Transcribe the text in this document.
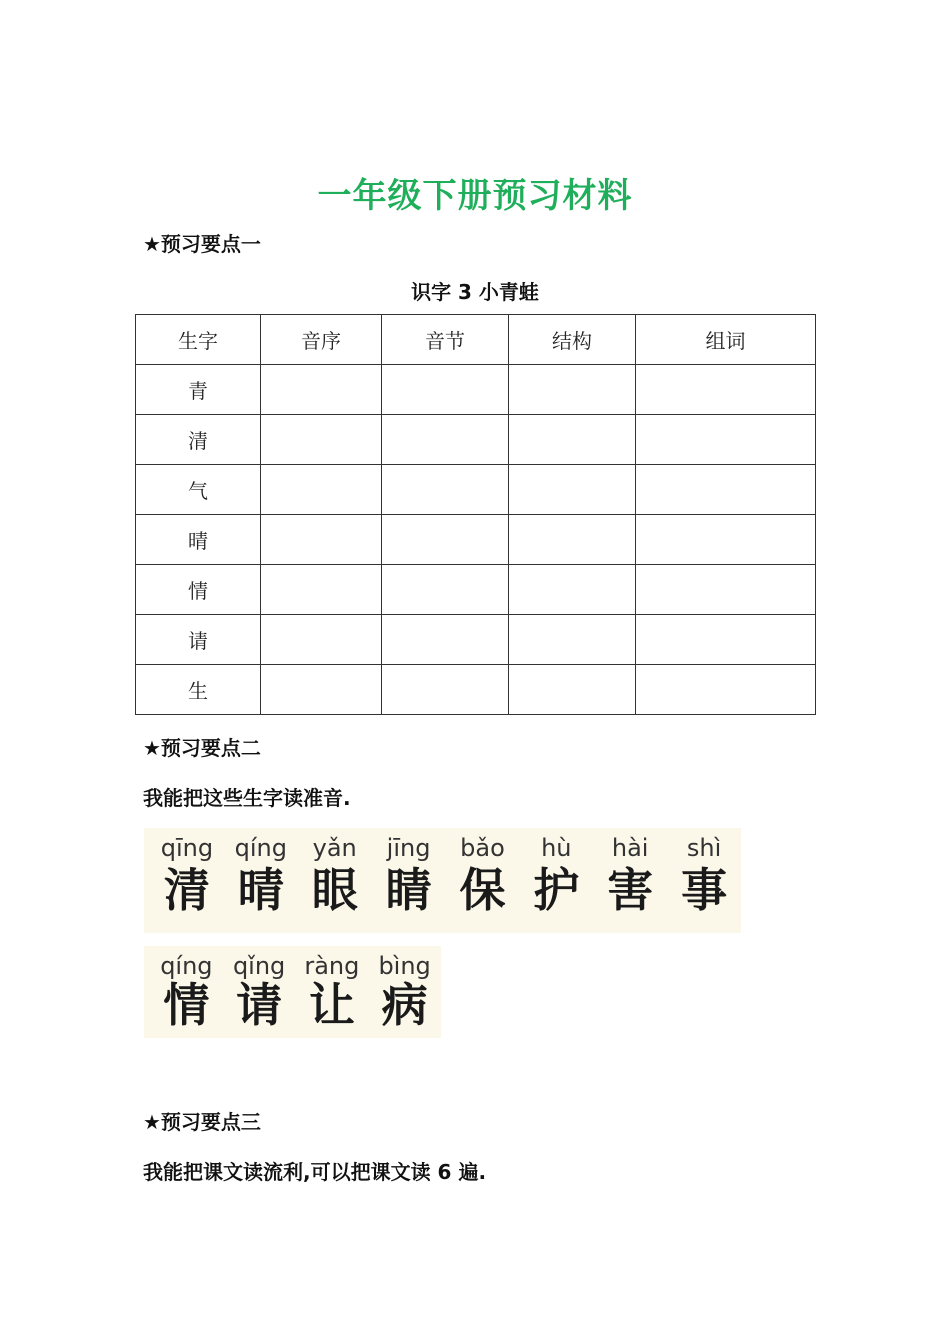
一年级下册预习材料
★预习要点一
识字 3 小青蛙
生字	音序	音节	结构	组词
青				
清				
气				
晴				
情				
请				
生				
★预习要点二
我能把这些生字读准音.
qīng
清
qíng
晴
yǎn
眼
jīng
睛
bǎo
保
hù
护
hài
害
shì
事
qíng
情
qǐng
请
ràng
让
bìng
病
★预习要点三
我能把课文读流利,可以把课文读 6 遍.
